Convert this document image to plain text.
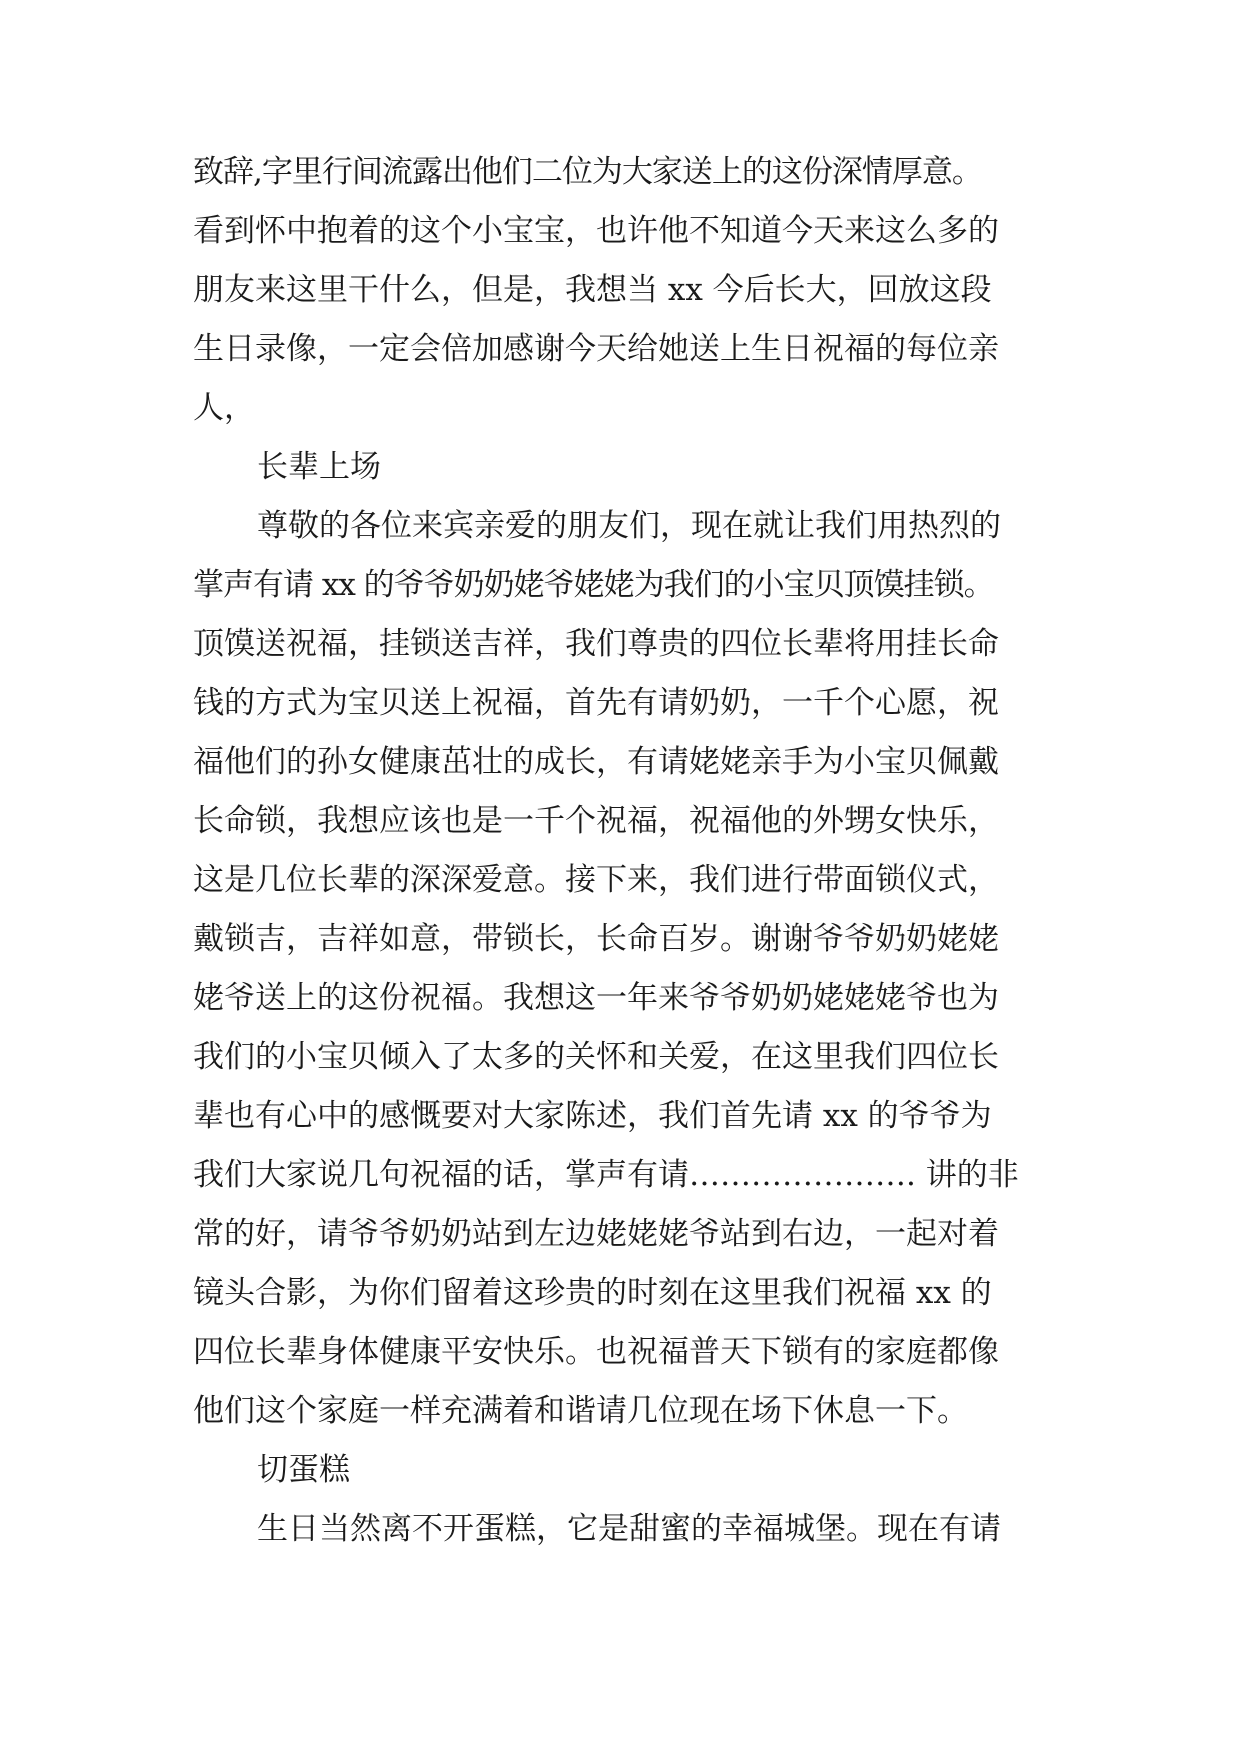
致辞,字里行间流露出他们二位为大家送上的这份深情厚意。
看到怀中抱着的这个小宝宝，也许他不知道今天来这么多的
朋友来这里干什么，但是，我想当 xx 今后长大，回放这段
生日录像，一定会倍加感谢今天给她送上生日祝福的每位亲
人，
长辈上场
尊敬的各位来宾亲爱的朋友们，现在就让我们用热烈的
掌声有请 xx 的爷爷奶奶姥爷姥姥为我们的小宝贝顶馍挂锁。
顶馍送祝福，挂锁送吉祥，我们尊贵的四位长辈将用挂长命
钱的方式为宝贝送上祝福，首先有请奶奶，一千个心愿，祝
福他们的孙女健康茁壮的成长，有请姥姥亲手为小宝贝佩戴
长命锁，我想应该也是一千个祝福，祝福他的外甥女快乐，
这是几位长辈的深深爱意。接下来，我们进行带面锁仪式，
戴锁吉，吉祥如意，带锁长，长命百岁。谢谢爷爷奶奶姥姥
姥爷送上的这份祝福。我想这一年来爷爷奶奶姥姥姥爷也为
我们的小宝贝倾入了太多的关怀和关爱，在这里我们四位长
辈也有心中的感慨要对大家陈述，我们首先请 xx 的爷爷为
我们大家说几句祝福的话，掌声有请…………………. 讲的非
常的好，请爷爷奶奶站到左边姥姥姥爷站到右边，一起对着
镜头合影，为你们留着这珍贵的时刻在这里我们祝福 xx 的
四位长辈身体健康平安快乐。也祝福普天下锁有的家庭都像
他们这个家庭一样充满着和谐请几位现在场下休息一下。
切蛋糕
生日当然离不开蛋糕，它是甜蜜的幸福城堡。现在有请
